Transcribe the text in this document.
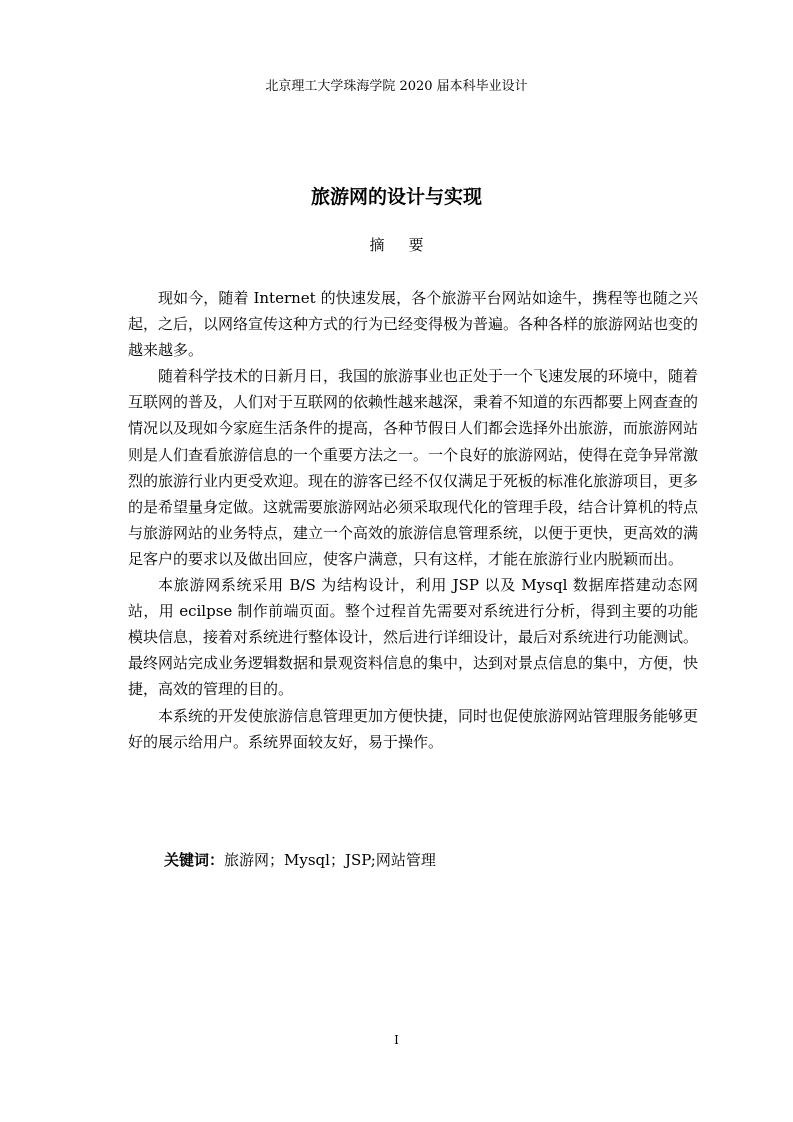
北京理工大学珠海学院 2020 届本科毕业设计
旅游网的设计与实现
摘要

现如今，随着 Internet 的快速发展，各个旅游平台网站如途牛，携程等也随之兴起，之后，以网络宣传这种方式的行为已经变得极为普遍。各种各样的旅游网站也变的越来越多。

随着科学技术的日新月日，我国的旅游事业也正处于一个飞速发展的环境中，随着互联网的普及，人们对于互联网的依赖性越来越深，秉着不知道的东西都要上网查查的情况以及现如今家庭生活条件的提高，各种节假日人们都会选择外出旅游，而旅游网站则是人们查看旅游信息的一个重要方法之一。一个良好的旅游网站，使得在竞争异常激烈的旅游行业内更受欢迎。现在的游客已经不仅仅满足于死板的标准化旅游项目，更多的是希望量身定做。这就需要旅游网站必须采取现代化的管理手段，结合计算机的特点与旅游网站的业务特点，建立一个高效的旅游信息管理系统，以便于更快，更高效的满足客户的要求以及做出回应，使客户满意，只有这样，才能在旅游行业内脱颖而出。

本旅游网系统采用 B/S 为结构设计，利用 JSP 以及 Mysql 数据库搭建动态网站，用 ecilpse 制作前端页面。整个过程首先需要对系统进行分析，得到主要的功能模块信息，接着对系统进行整体设计，然后进行详细设计，最后对系统进行功能测试。最终网站完成业务逻辑数据和景观资料信息的集中，达到对景点信息的集中，方便，快捷，高效的管理的目的。

本系统的开发使旅游信息管理更加方便快捷，同时也促使旅游网站管理服务能够更好的展示给用户。系统界面较友好，易于操作。

关键词：旅游网；Mysql；JSP;网站管理
I
